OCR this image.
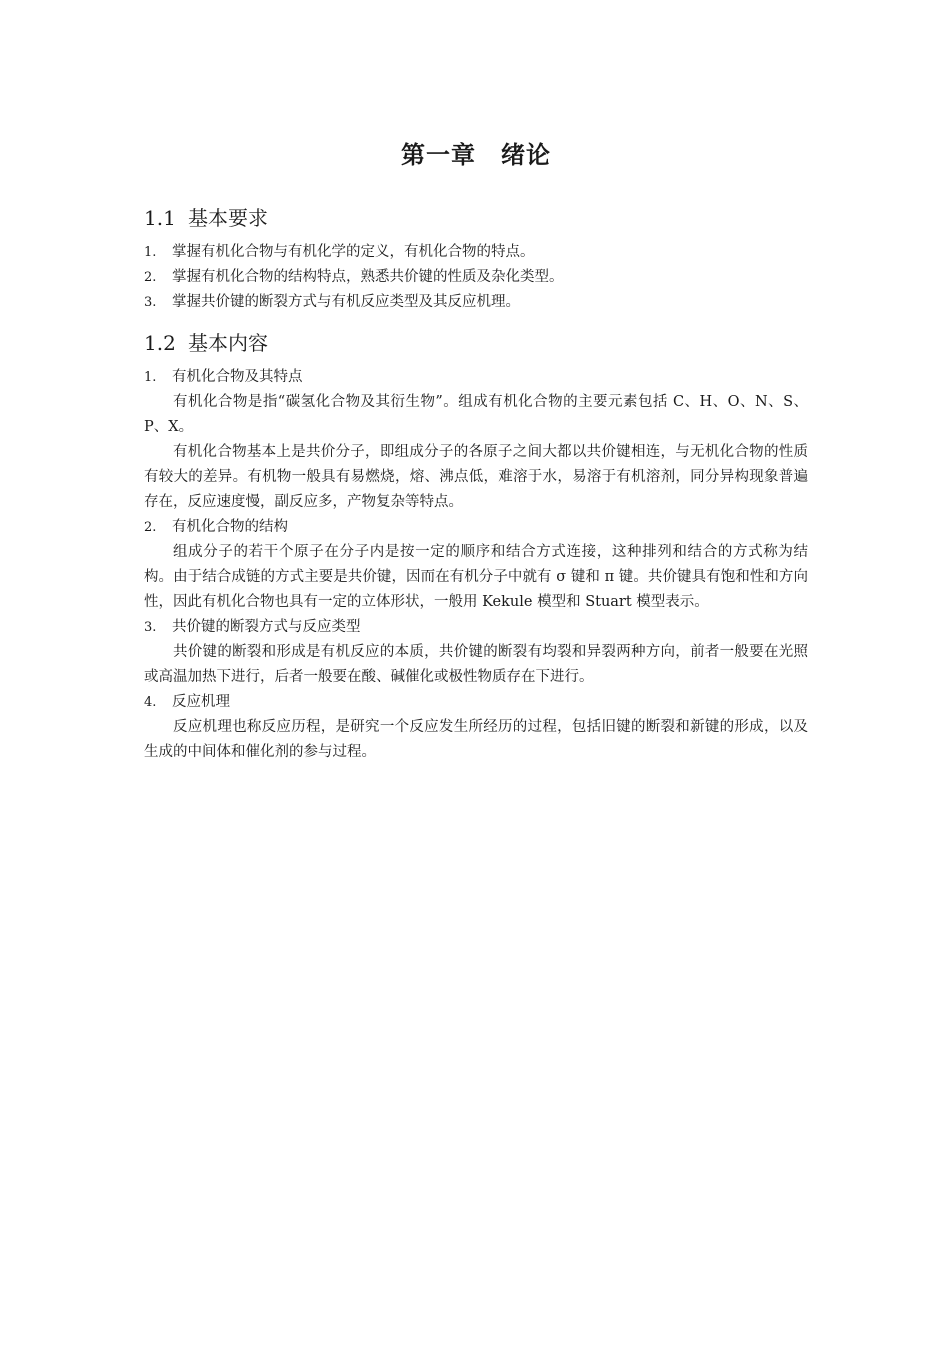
第一章　绪论
1.1 基本要求
1. 掌握有机化合物与有机化学的定义，有机化合物的特点。
2. 掌握有机化合物的结构特点，熟悉共价键的性质及杂化类型。
3. 掌握共价键的断裂方式与有机反应类型及其反应机理。
1.2 基本内容
1. 有机化合物及其特点

有机化合物是指“碳氢化合物及其衍生物”。组成有机化合物的主要元素包括 C、H、O、N、S、P、X。

有机化合物基本上是共价分子，即组成分子的各原子之间大都以共价键相连，与无机化合物的性质有较大的差异。有机物一般具有易燃烧，熔、沸点低，难溶于水，易溶于有机溶剂，同分异构现象普遍存在，反应速度慢，副反应多，产物复杂等特点。

2. 有机化合物的结构

组成分子的若干个原子在分子内是按一定的顺序和结合方式连接，这种排列和结合的方式称为结构。由于结合成链的方式主要是共价键，因而在有机分子中就有 σ 键和 π 键。共价键具有饱和性和方向性，因此有机化合物也具有一定的立体形状，一般用 Kekule 模型和 Stuart 模型表示。

3. 共价键的断裂方式与反应类型

共价键的断裂和形成是有机反应的本质，共价键的断裂有均裂和异裂两种方向，前者一般要在光照或高温加热下进行，后者一般要在酸、碱催化或极性物质存在下进行。

4. 反应机理

反应机理也称反应历程，是研究一个反应发生所经历的过程，包括旧键的断裂和新键的形成，以及生成的中间体和催化剂的参与过程。
